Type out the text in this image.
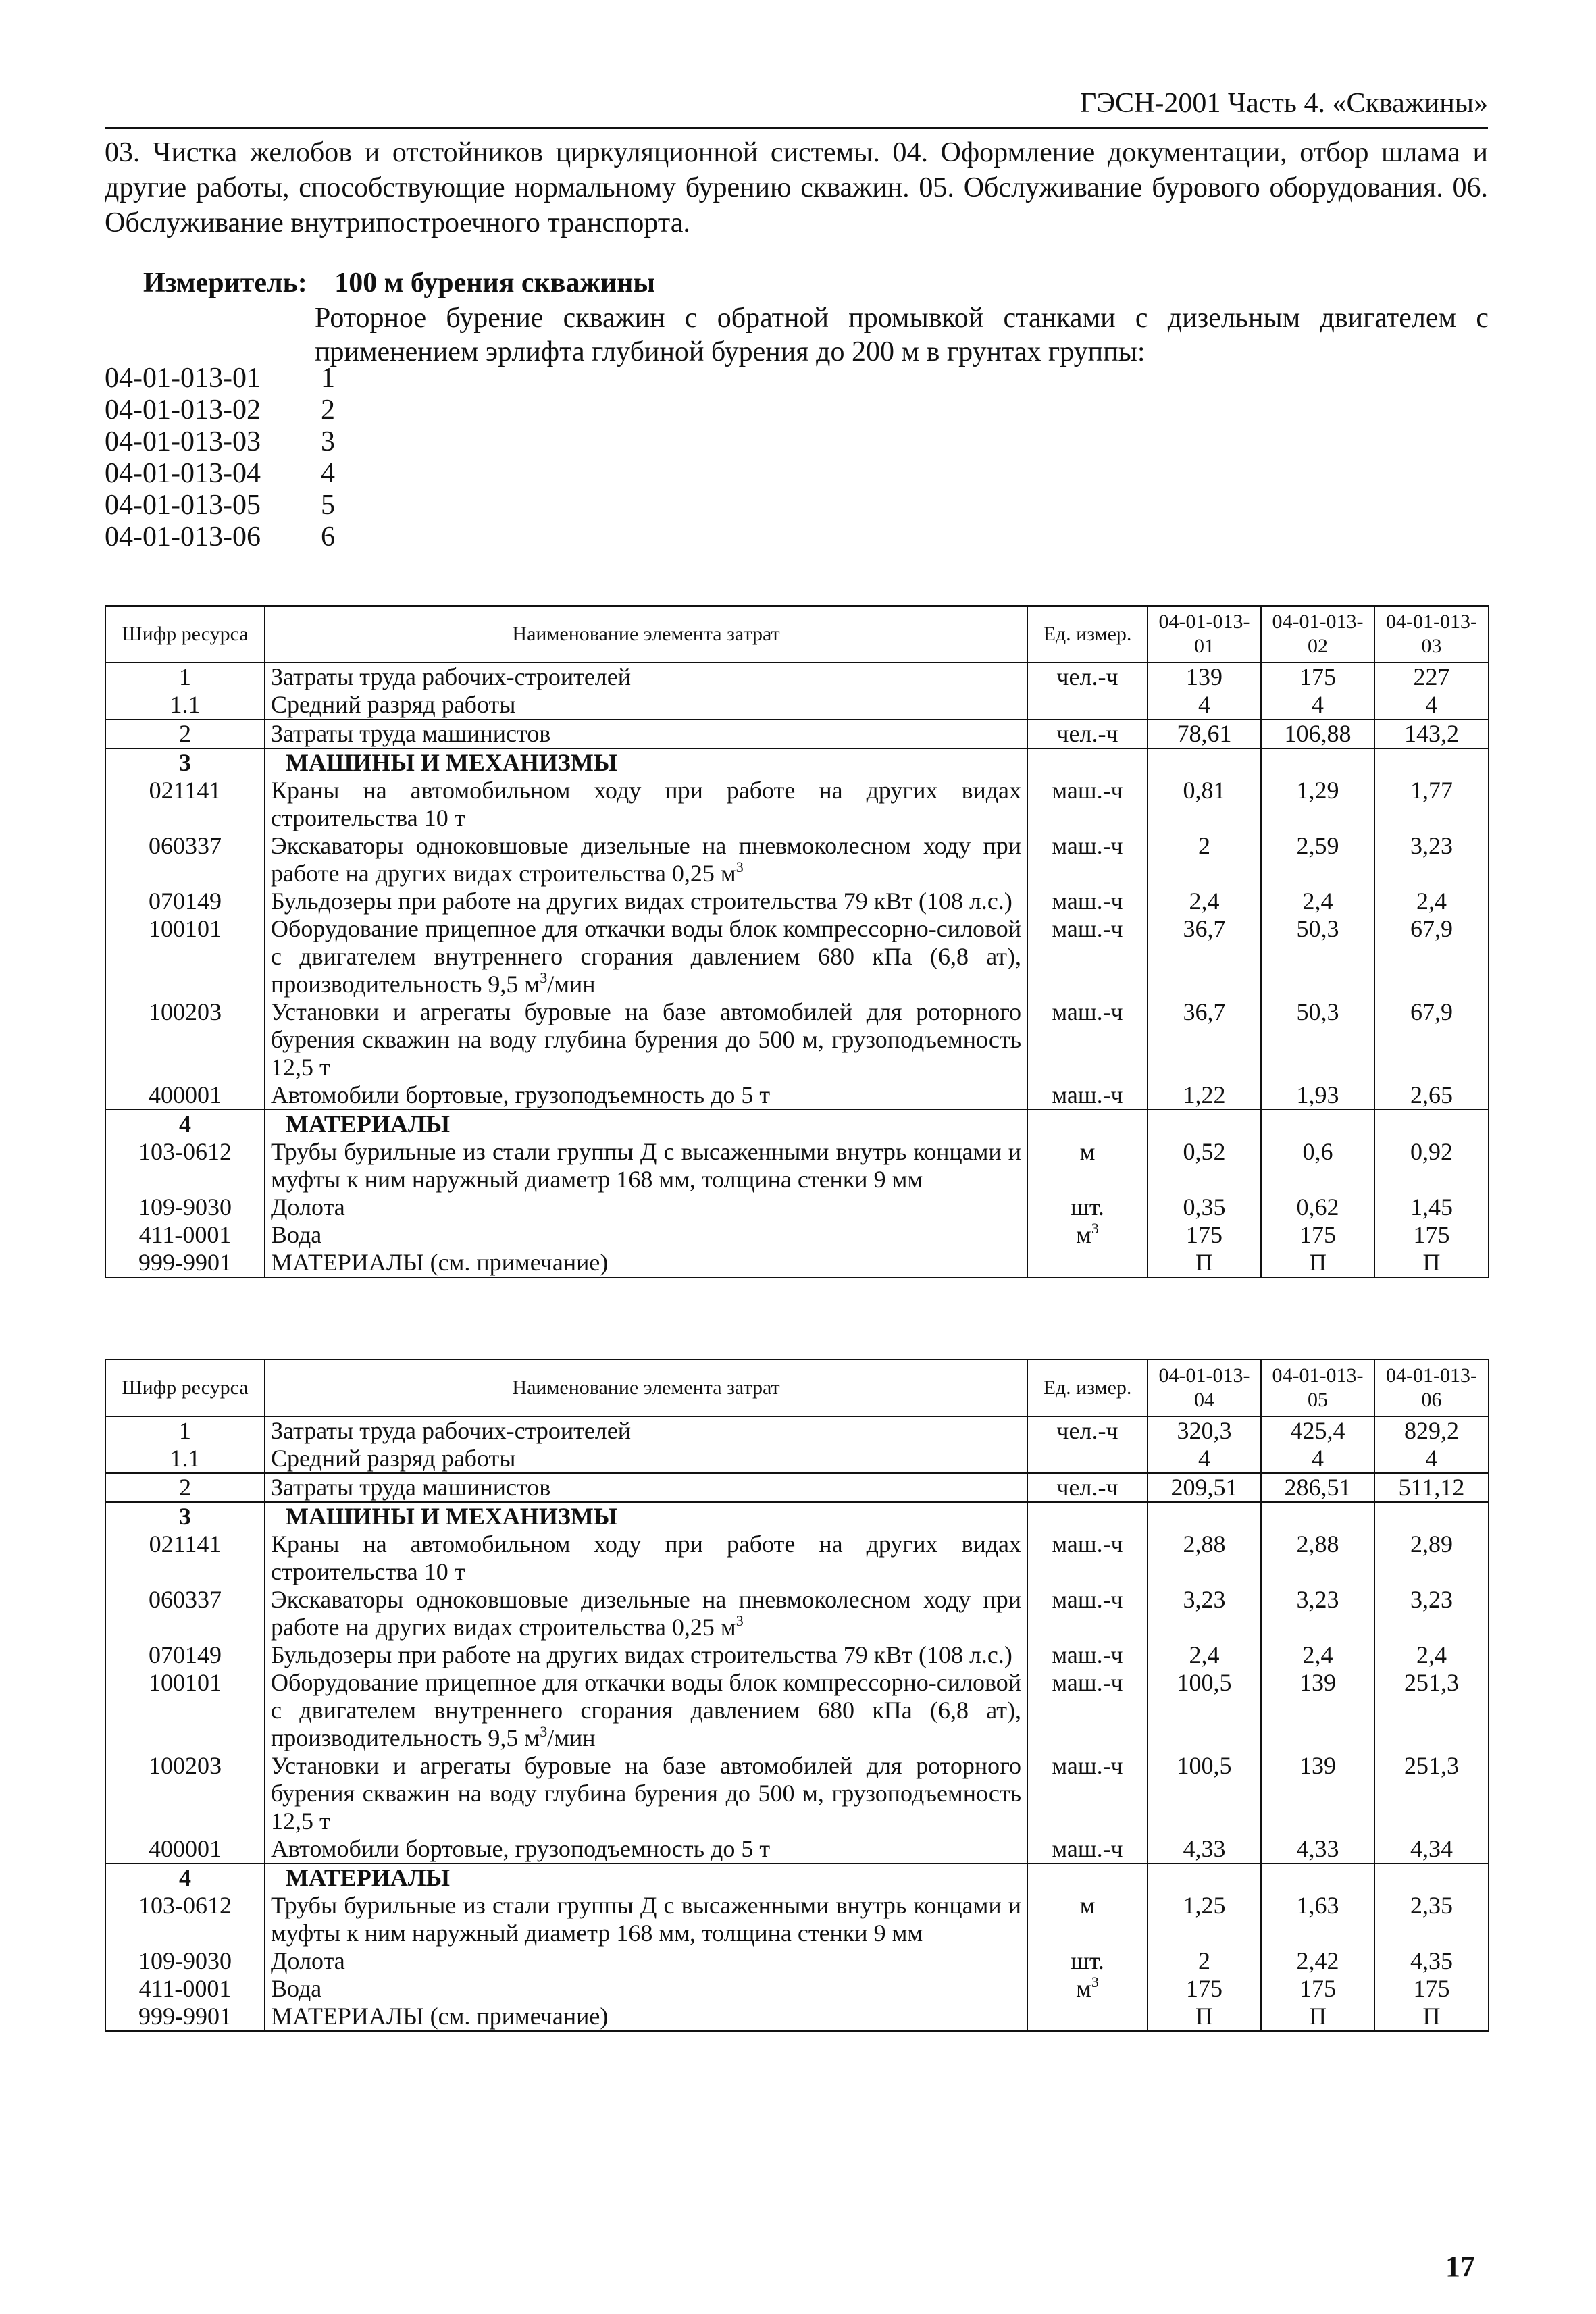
ГЭСН-2001 Часть 4. «Скважины»
03. Чистка желобов и отстойников циркуляционной системы. 04. Оформление документации, отбор шлама и другие работы, способствующие нормальному бурению скважин. 05. Обслуживание бурового оборудования. 06. Обслуживание внутрипостроечного транспорта.
Измеритель: 100 м бурения скважины
Роторное бурение скважин с обратной промывкой станками с дизельным двигателем с применением эрлифта глубиной бурения до 200 м в грунтах группы:
04-01-013-01 1
04-01-013-02 2
04-01-013-03 3
04-01-013-04 4
04-01-013-05 5
04-01-013-06 6
Шифр ресурса	Наименование элемента затрат	Ед. измер.	04-01-013-01	04-01-013-02	04-01-013-03
1	Затраты труда рабочих-строителей	чел.-ч	139	175	227
1.1	Средний разряд работы		4	4	4
2	Затраты труда машинистов	чел.-ч	78,61	106,88	143,2
3	МАШИНЫ И МЕХАНИЗМЫ				
021141	Краны на автомобильном ходу при работе на других видах строительства 10 т	маш.-ч	0,81	1,29	1,77
060337	Экскаваторы одноковшовые дизельные на пневмоколесном ходу при работе на других видах строительства 0,25 $м^3$	маш.-ч	2	2,59	3,23
070149	Бульдозеры при работе на других видах строительства 79 кВт (108 л.с.)	маш.-ч	2,4	2,4	2,4
100101	Оборудование прицепное для откачки воды блок компрессорно-силовой с двигателем внутреннего сгорания давлением 680 кПа (6,8 ат), производительность 9,5 $м^3$/мин	маш.-ч	36,7	50,3	67,9
100203	Установки и агрегаты буровые на базе автомобилей для роторного бурения скважин на воду глубина бурения до 500 м, грузоподъемность 12,5 т	маш.-ч	36,7	50,3	67,9
400001	Автомобили бортовые, грузоподъемность до 5 т	маш.-ч	1,22	1,93	2,65
4	МАТЕРИАЛЫ				
103-0612	Трубы бурильные из стали группы Д с высаженными внутрь концами и муфты к ним наружный диаметр 168 мм, толщина стенки 9 мм	м	0,52	0,6	0,92
109-9030	Долота	шт.	0,35	0,62	1,45
411-0001	Вода	$м^3$	175	175	175
999-9901	МАТЕРИАЛЫ (см. примечание)		П	П	П
Шифр ресурса	Наименование элемента затрат	Ед. измер.	04-01-013-04	04-01-013-05	04-01-013-06
1	Затраты труда рабочих-строителей	чел.-ч	320,3	425,4	829,2
1.1	Средний разряд работы		4	4	4
2	Затраты труда машинистов	чел.-ч	209,51	286,51	511,12
3	МАШИНЫ И МЕХАНИЗМЫ				
021141	Краны на автомобильном ходу при работе на других видах строительства 10 т	маш.-ч	2,88	2,88	2,89
060337	Экскаваторы одноковшовые дизельные на пневмоколесном ходу при работе на других видах строительства 0,25 $м^3$	маш.-ч	3,23	3,23	3,23
070149	Бульдозеры при работе на других видах строительства 79 кВт (108 л.с.)	маш.-ч	2,4	2,4	2,4
100101	Оборудование прицепное для откачки воды блок компрессорно-силовой с двигателем внутреннего сгорания давлением 680 кПа (6,8 ат), производительность 9,5 $м^3$/мин	маш.-ч	100,5	139	251,3
100203	Установки и агрегаты буровые на базе автомобилей для роторного бурения скважин на воду глубина бурения до 500 м, грузоподъемность 12,5 т	маш.-ч	100,5	139	251,3
400001	Автомобили бортовые, грузоподъемность до 5 т	маш.-ч	4,33	4,33	4,34
4	МАТЕРИАЛЫ				
103-0612	Трубы бурильные из стали группы Д с высаженными внутрь концами и муфты к ним наружный диаметр 168 мм, толщина стенки 9 мм	м	1,25	1,63	2,35
109-9030	Долота	шт.	2	2,42	4,35
411-0001	Вода	$м^3$	175	175	175
999-9901	МАТЕРИАЛЫ (см. примечание)		П	П	П
17
